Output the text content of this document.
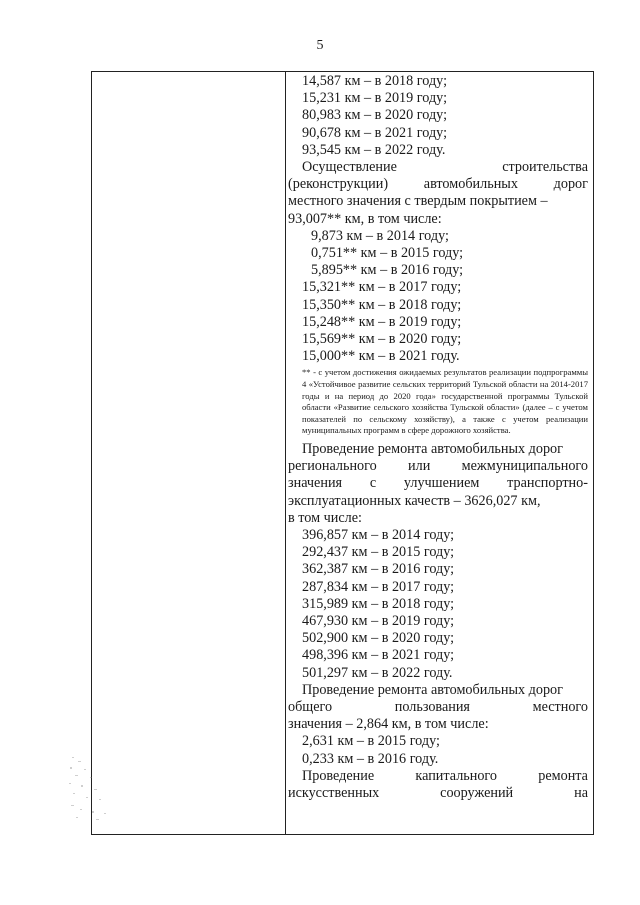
5
14,587 км – в 2018 году;
15,231 км – в 2019 году;
80,983 км – в 2020 году;
90,678 км – в 2021 году;
93,545 км – в 2022 году.
Осуществление	строительства
(реконструкции)	автомобильных	дорог
местного значения с твердым покрытием –
93,007** км, в том числе:
9,873 км – в 2014 году;
0,751** км – в 2015 году;
5,895** км – в 2016 году;
15,321** км – в 2017 году;
15,350** км – в 2018 году;
15,248** км – в 2019 году;
15,569** км – в 2020 году;
15,000** км – в 2021 году.
** - с учетом достижения ожидаемых результатов реализации подпрограммы 4 «Устойчивое развитие сельских территорий Тульской области на 2014-2017 годы и на период до 2020 года» государственной программы Тульской области «Развитие сельского хозяйства Тульской области» (далее – с учетом показателей по сельскому хозяйству), а также с учетом реализации муниципальных программ в сфере дорожного хозяйства.
Проведение ремонта автомобильных дорог
регионального или межмуниципального
значения с улучшением транспортно-
эксплуатационных качеств – 3626,027 км,
в том числе:
396,857 км – в 2014 году;
292,437 км – в 2015 году;
362,387 км – в 2016 году;
287,834 км – в 2017 году;
315,989 км – в 2018 году;
467,930 км – в 2019 году;
502,900 км – в 2020 году;
498,396 км – в 2021 году;
501,297 км – в 2022 году.
Проведение ремонта автомобильных дорог
общего	пользования	местного
значения – 2,864 км, в том числе:
2,631 км – в 2015 году;
0,233 км – в 2016 году.
Проведение	капитального	ремонта
искусственных	сооружений	на
